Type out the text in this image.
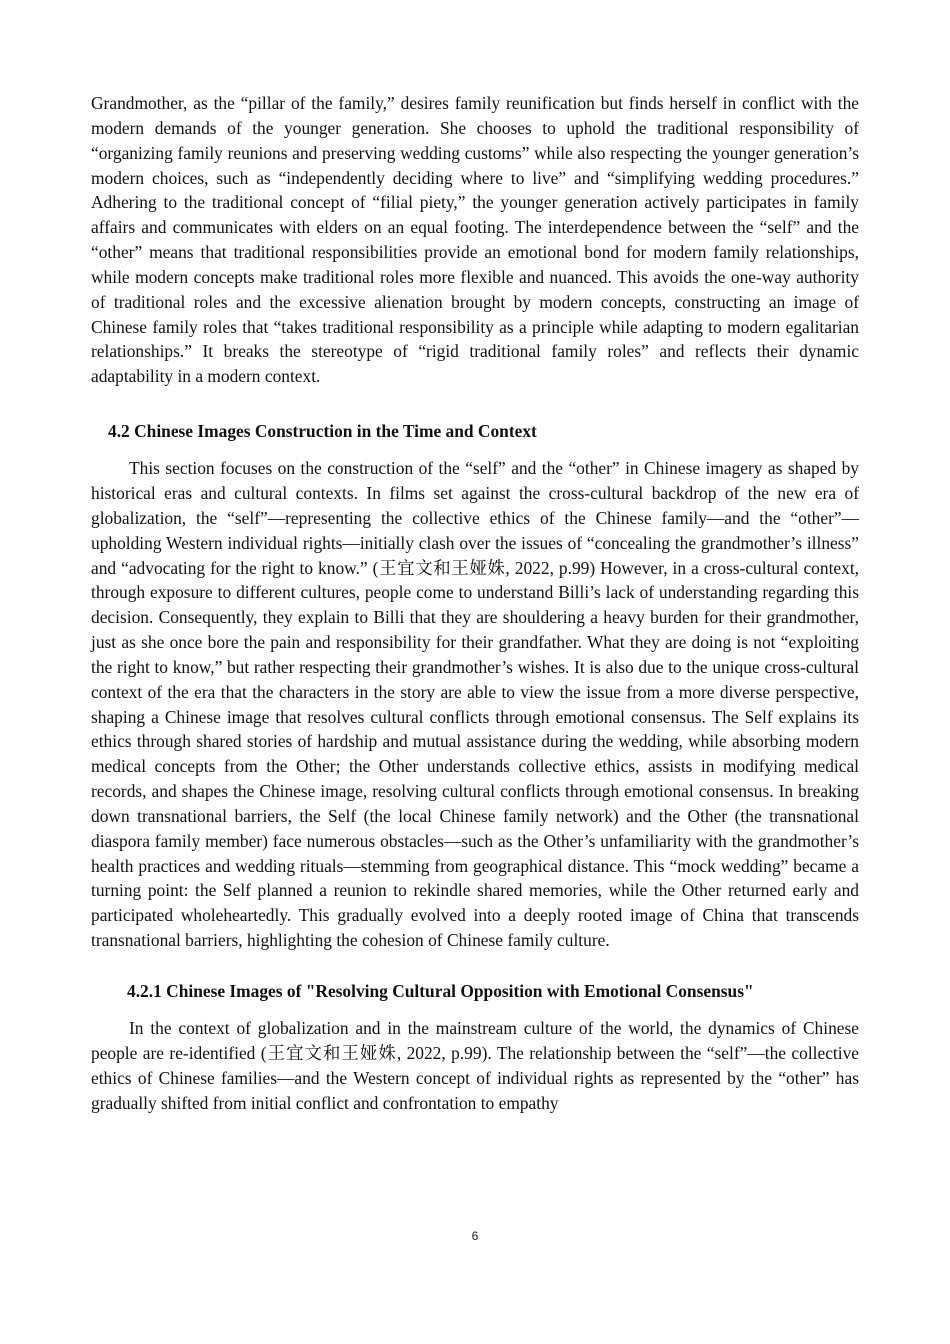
Grandmother, as the “pillar of the family,” desires family reunification but finds herself in conflict with the modern demands of the younger generation. She chooses to uphold the traditional responsibility of “organizing family reunions and preserving wedding customs” while also respecting the younger generation’s modern choices, such as “independently deciding where to live” and “simplifying wedding procedures.” Adhering to the traditional concept of “filial piety,” the younger generation actively participates in family affairs and communicates with elders on an equal footing. The interdependence between the “self” and the “other” means that traditional responsibilities provide an emotional bond for modern family relationships, while modern concepts make traditional roles more flexible and nuanced. This avoids the one-way authority of traditional roles and the excessive alienation brought by modern concepts, constructing an image of Chinese family roles that “takes traditional responsibility as a principle while adapting to modern egalitarian relationships.” It breaks the stereotype of “rigid traditional family roles” and reflects their dynamic adaptability in a modern context.

4.2 Chinese Images Construction in the Time and Context

This section focuses on the construction of the “self” and the “other” in Chinese imagery as shaped by historical eras and cultural contexts. In films set against the cross-cultural backdrop of the new era of globalization, the “self”—representing the collective ethics of the Chinese family—and the “other”—upholding Western individual rights—initially clash over the issues of “concealing the grandmother’s illness” and “advocating for the right to know.” (王宜文和王娅姝, 2022, p.99) However, in a cross-cultural context, through exposure to different cultures, people come to understand Billi’s lack of understanding regarding this decision. Consequently, they explain to Billi that they are shouldering a heavy burden for their grandmother, just as she once bore the pain and responsibility for their grandfather. What they are doing is not “exploiting the right to know,” but rather respecting their grandmother’s wishes. It is also due to the unique cross-cultural context of the era that the characters in the story are able to view the issue from a more diverse perspective, shaping a Chinese image that resolves cultural conflicts through emotional consensus. The Self explains its ethics through shared stories of hardship and mutual assistance during the wedding, while absorbing modern medical concepts from the Other; the Other understands collective ethics, assists in modifying medical records, and shapes the Chinese image, resolving cultural conflicts through emotional consensus. In breaking down transnational barriers, the Self (the local Chinese family network) and the Other (the transnational diaspora family member) face numerous obstacles—such as the Other’s unfamiliarity with the grandmother’s health practices and wedding rituals—stemming from geographical distance. This “mock wedding” became a turning point: the Self planned a reunion to rekindle shared memories, while the Other returned early and participated wholeheartedly. This gradually evolved into a deeply rooted image of China that transcends transnational barriers, highlighting the cohesion of Chinese family culture.

4.2.1 Chinese Images of "Resolving Cultural Opposition with Emotional Consensus"

In the context of globalization and in the mainstream culture of the world, the dynamics of Chinese people are re-identified (王宜文和王娅姝, 2022, p.99). The relationship between the “self”—the collective ethics of Chinese families—and the Western concept of individual rights as represented by the “other” has gradually shifted from initial conflict and confrontation to empathy

6
